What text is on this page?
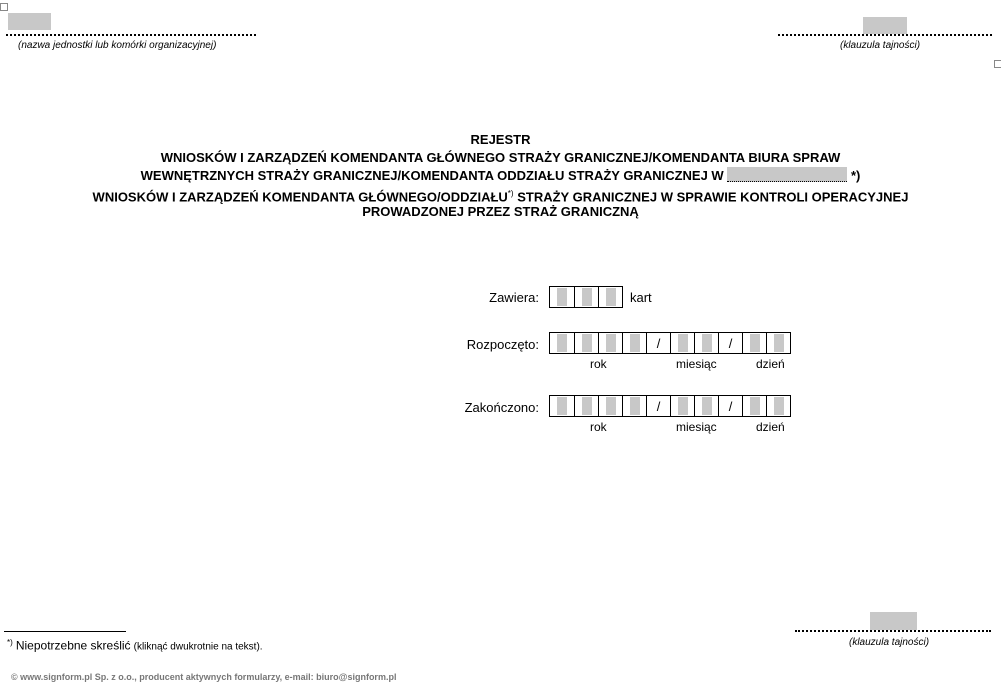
(nazwa jednostki lub komórki organizacyjnej)	(klauzula tajności)
REJESTR
WNIOSKÓW I ZARZĄDZEŃ KOMENDANTA GŁÓWNEGO STRAŻY GRANICZNEJ/KOMENDANTA BIURA SPRAW
WEWNĘTRZNYCH STRAŻY GRANICZNEJ/KOMENDANTA ODDZIAŁU STRAŻY GRANICZNEJ W	*)
WNIOSKÓW I ZARZĄDZEŃ KOMENDANTA GŁÓWNEGO/ODDZIAŁU*) STRAŻY GRANICZNEJ W SPRAWIE KONTROLI OPERACYJNEJ
PROWADZONEJ PRZEZ STRAŻ GRANICZNĄ
Zawiera:	kart
Rozpoczęto:	/	/
rok	miesiąc	dzień
Zakończono:	/	/
rok	miesiąc	dzień
*) Niepotrzebne skreślić (kliknąć dwukrotnie na tekst).	(klauzula tajności)
© www.signform.pl Sp. z o.o., producent aktywnych formularzy, e-mail: biuro@signform.pl
